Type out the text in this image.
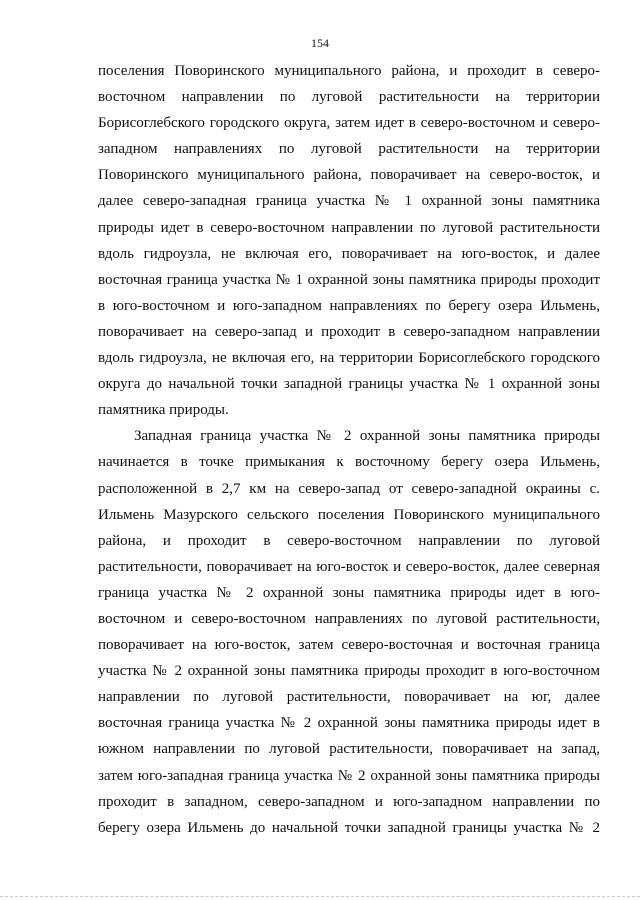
154
поселения Поворинского муниципального района, и проходит в северо-
восточном направлении по луговой растительности на территории
Борисоглебского городского округа, затем идет в северо-восточном и северо-
западном направлениях по луговой растительности на территории
Поворинского муниципального района, поворачивает на северо-восток, и
далее северо-западная граница участка № 1 охранной зоны памятника
природы идет в северо-восточном направлении по луговой растительности
вдоль гидроузла, не включая его, поворачивает на юго-восток, и далее
восточная граница участка № 1 охранной зоны памятника природы проходит
в юго-восточном и юго-западном направлениях по берегу озера Ильмень,
поворачивает на северо-запад и проходит в северо-западном направлении
вдоль гидроузла, не включая его, на территории Борисоглебского городского
округа до начальной точки западной границы участка № 1 охранной зоны
памятника природы.
Западная граница участка № 2 охранной зоны памятника природы
начинается в точке примыкания к восточному берегу озера Ильмень,
расположенной в 2,7 км на северо-запад от северо-западной окраины с.
Ильмень Мазурского сельского поселения Поворинского муниципального
района, и проходит в северо-восточном направлении по луговой
растительности, поворачивает на юго-восток и северо-восток, далее северная
граница участка № 2 охранной зоны памятника природы идет в юго-
восточном и северо-восточном направлениях по луговой растительности,
поворачивает на юго-восток, затем северо-восточная и восточная граница
участка № 2 охранной зоны памятника природы проходит в юго-восточном
направлении по луговой растительности, поворачивает на юг, далее
восточная граница участка № 2 охранной зоны памятника природы идет в
южном направлении по луговой растительности, поворачивает на запад,
затем юго-западная граница участка № 2 охранной зоны памятника природы
проходит в западном, северо-западном и юго-западном направлении по
берегу озера Ильмень до начальной точки западной границы участка № 2
